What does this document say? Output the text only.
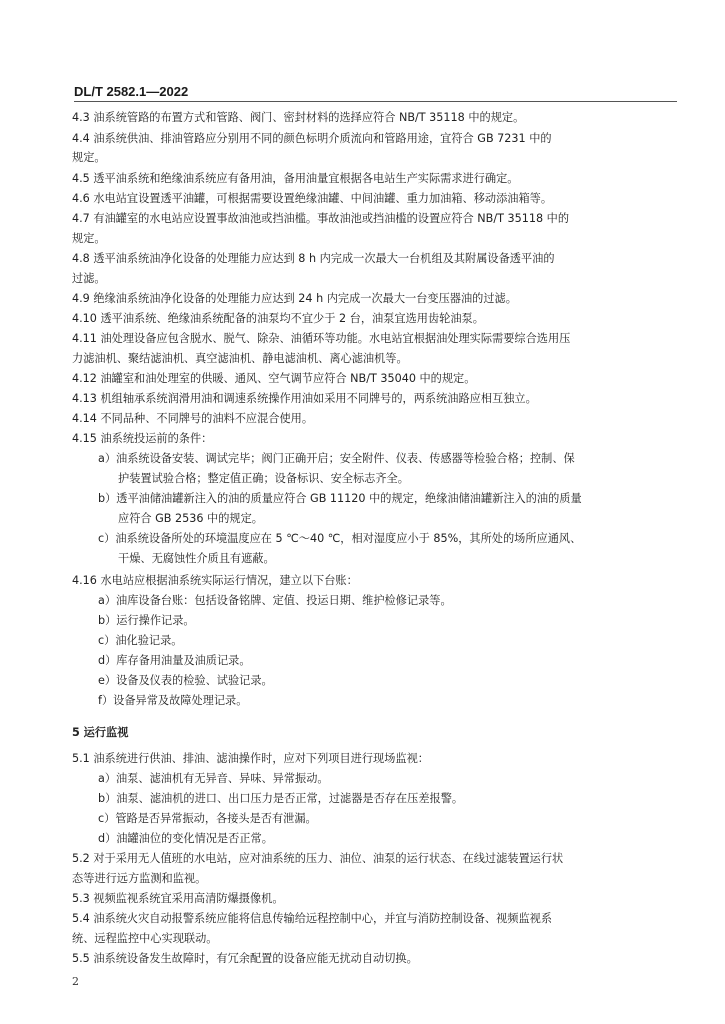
DL/T 2582.1—2022
4.3 油系统管路的布置方式和管路、阀门、密封材料的选择应符合 NB/T 35118 中的规定。
4.4 油系统供油、排油管路应分别用不同的颜色标明介质流向和管路用途，宜符合 GB 7231 中的
规定。
4.5 透平油系统和绝缘油系统应有备用油，备用油量宜根据各电站生产实际需求进行确定。
4.6 水电站宜设置透平油罐，可根据需要设置绝缘油罐、中间油罐、重力加油箱、移动添油箱等。
4.7 有油罐室的水电站应设置事故油池或挡油槛。事故油池或挡油槛的设置应符合 NB/T 35118 中的
规定。
4.8 透平油系统油净化设备的处理能力应达到 8 h 内完成一次最大一台机组及其附属设备透平油的
过滤。
4.9 绝缘油系统油净化设备的处理能力应达到 24 h 内完成一次最大一台变压器油的过滤。
4.10 透平油系统、绝缘油系统配备的油泵均不宜少于 2 台，油泵宜选用齿轮油泵。
4.11 油处理设备应包含脱水、脱气、除杂、油循环等功能。水电站宜根据油处理实际需要综合选用压
力滤油机、聚结滤油机、真空滤油机、静电滤油机、离心滤油机等。
4.12 油罐室和油处理室的供暖、通风、空气调节应符合 NB/T 35040 中的规定。
4.13 机组轴承系统润滑用油和调速系统操作用油如采用不同牌号的，两系统油路应相互独立。
4.14 不同品种、不同牌号的油料不应混合使用。
4.15 油系统投运前的条件：
a）油系统设备安装、调试完毕；阀门正确开启；安全附件、仪表、传感器等检验合格；控制、保
护装置试验合格；整定值正确；设备标识、安全标志齐全。
b）透平油储油罐新注入的油的质量应符合 GB 11120 中的规定，绝缘油储油罐新注入的油的质量
应符合 GB 2536 中的规定。
c）油系统设备所处的环境温度应在 5 ℃～40 ℃，相对湿度应小于 85%，其所处的场所应通风、
干燥、无腐蚀性介质且有遮蔽。
4.16 水电站应根据油系统实际运行情况，建立以下台账：
a）油库设备台账：包括设备铭牌、定值、投运日期、维护检修记录等。
b）运行操作记录。
c）油化验记录。
d）库存备用油量及油质记录。
e）设备及仪表的检验、试验记录。
f）设备异常及故障处理记录。
5 运行监视
5.1 油系统进行供油、排油、滤油操作时，应对下列项目进行现场监视：
a）油泵、滤油机有无异音、异味、异常振动。
b）油泵、滤油机的进口、出口压力是否正常，过滤器是否存在压差报警。
c）管路是否异常振动，各接头是否有泄漏。
d）油罐油位的变化情况是否正常。
5.2 对于采用无人值班的水电站，应对油系统的压力、油位、油泵的运行状态、在线过滤装置运行状
态等进行远方监测和监视。
5.3 视频监视系统宜采用高清防爆摄像机。
5.4 油系统火灾自动报警系统应能将信息传输给远程控制中心，并宜与消防控制设备、视频监视系
统、远程监控中心实现联动。
5.5 油系统设备发生故障时，有冗余配置的设备应能无扰动自动切换。
2
